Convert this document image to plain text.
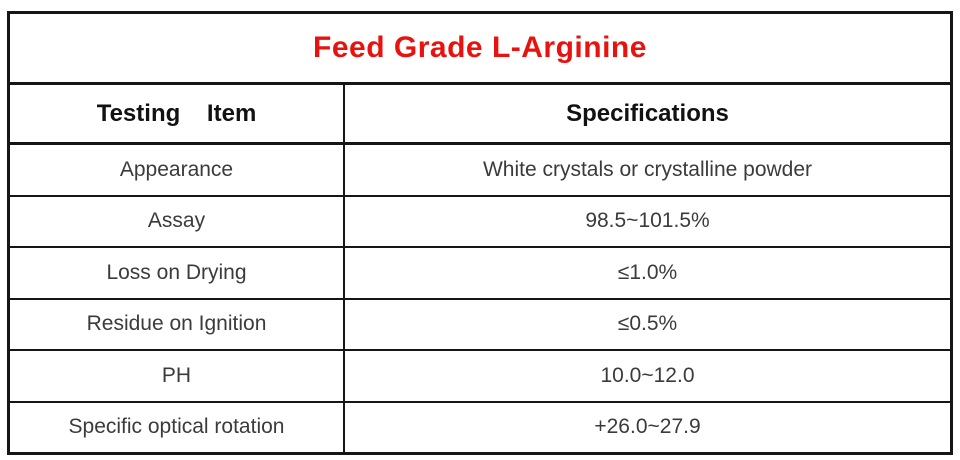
Feed Grade L-Arginine
Testing    Item	Specifications
Appearance	White crystals or crystalline powder
Assay	98.5~101.5%
Loss on Drying	≤1.0%
Residue on Ignition	≤0.5%
PH	10.0~12.0
Specific optical rotation	+26.0~27.9
